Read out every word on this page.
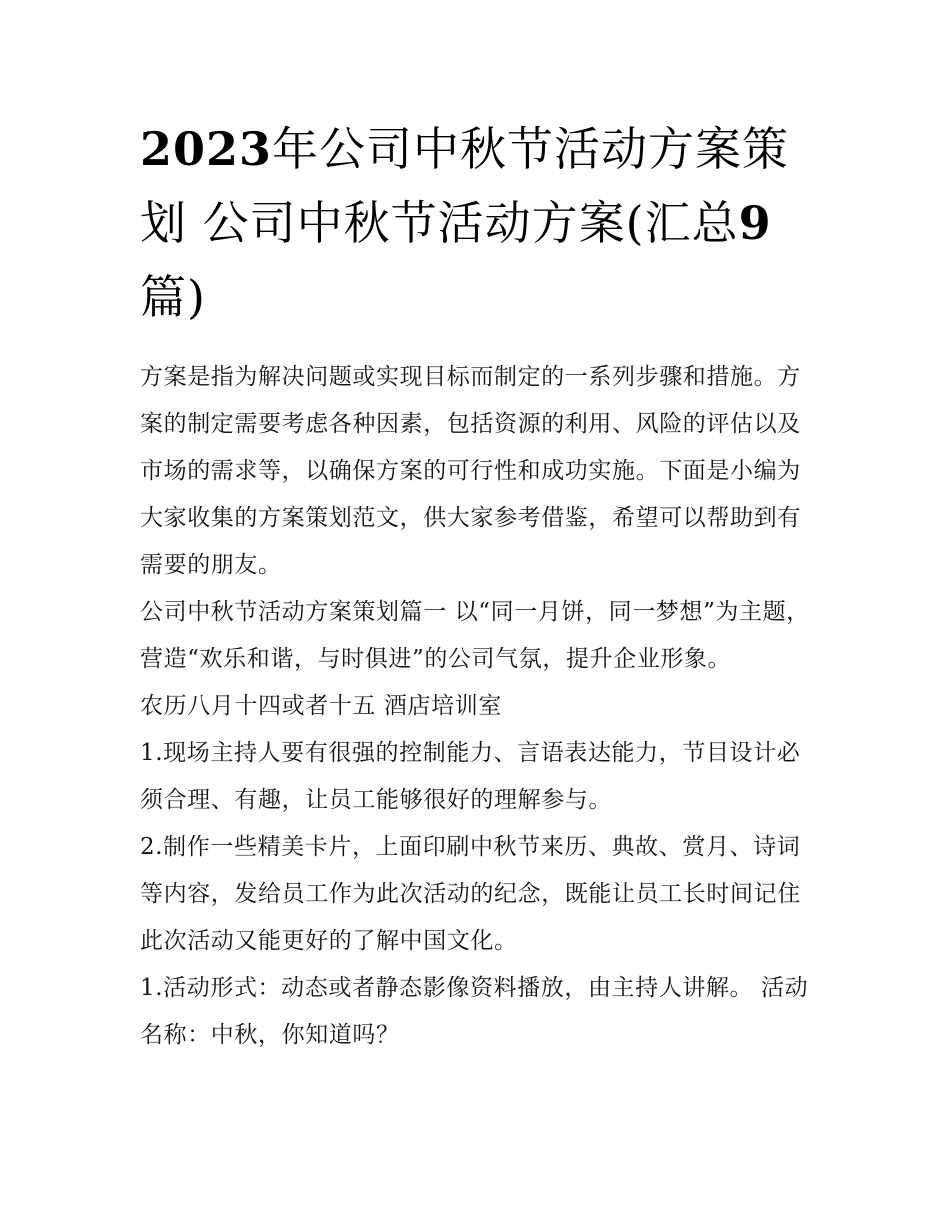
2023年公司中秋节活动方案策划 公司中秋节活动方案(汇总9篇)

方案是指为解决问题或实现目标而制定的一系列步骤和措施。方案的制定需要考虑各种因素，包括资源的利用、风险的评估以及市场的需求等，以确保方案的可行性和成功实施。下面是小编为大家收集的方案策划范文，供大家参考借鉴，希望可以帮助到有需要的朋友。

公司中秋节活动方案策划篇一 以“同一月饼，同一梦想”为主题，营造“欢乐和谐，与时俱进”的公司气氛，提升企业形象。

农历八月十四或者十五 酒店培训室

1.现场主持人要有很强的控制能力、言语表达能力，节目设计必须合理、有趣，让员工能够很好的理解参与。

2.制作一些精美卡片，上面印刷中秋节来历、典故、赏月、诗词等内容，发给员工作为此次活动的纪念，既能让员工长时间记住此次活动又能更好的了解中国文化。

1.活动形式：动态或者静态影像资料播放，由主持人讲解。 活动名称：中秋，你知道吗？
